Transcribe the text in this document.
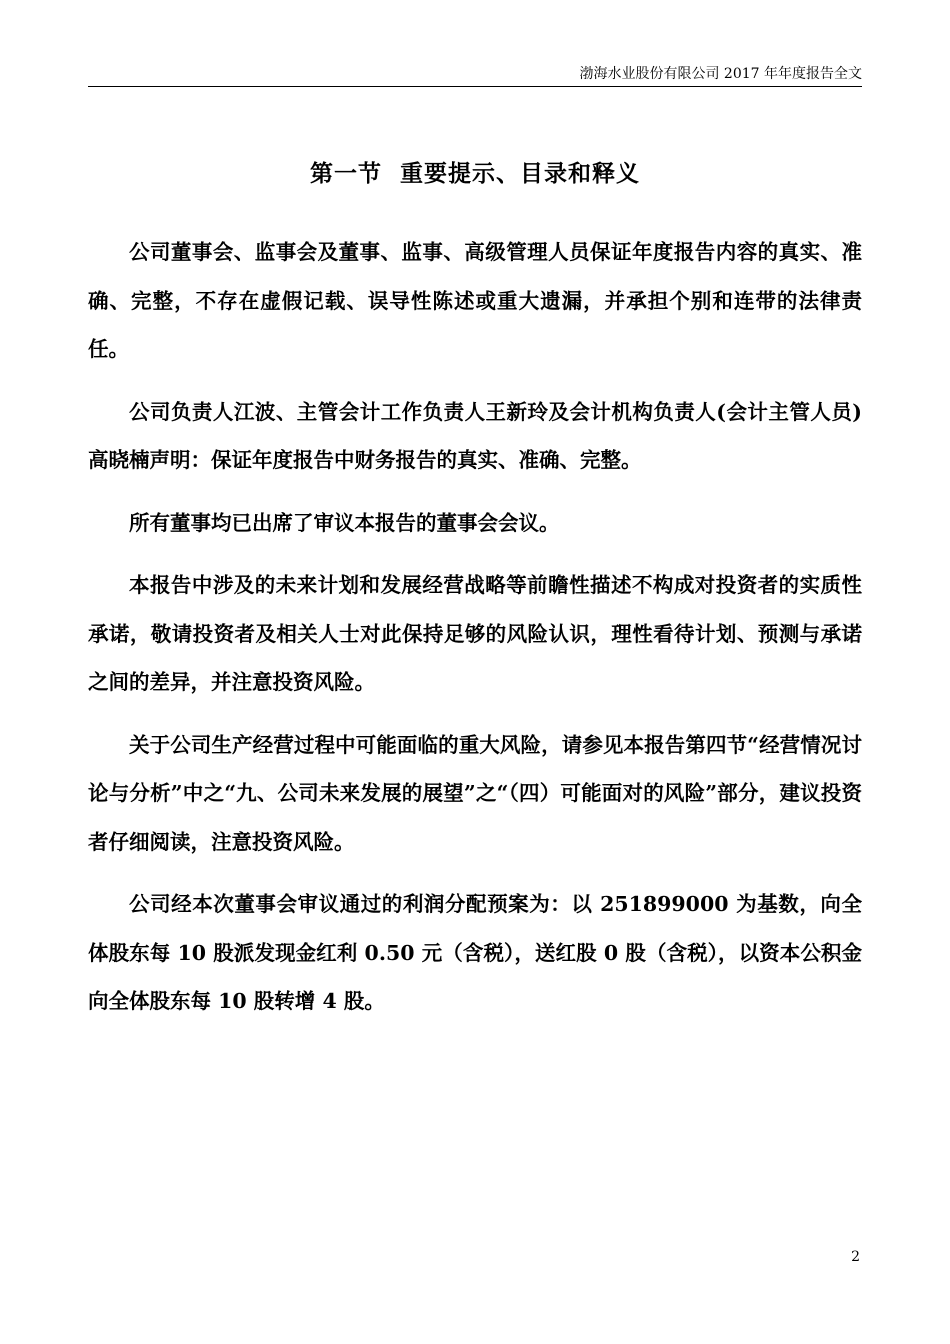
渤海水业股份有限公司 2017 年年度报告全文
第一节  重要提示、目录和释义

公司董事会、监事会及董事、监事、高级管理人员保证年度报告内容的真实、准确、完整，不存在虚假记载、误导性陈述或重大遗漏，并承担个别和连带的法律责任。

公司负责人江波、主管会计工作负责人王新玲及会计机构负责人(会计主管人员)高晓楠声明：保证年度报告中财务报告的真实、准确、完整。

所有董事均已出席了审议本报告的董事会会议。

本报告中涉及的未来计划和发展经营战略等前瞻性描述不构成对投资者的实质性承诺，敬请投资者及相关人士对此保持足够的风险认识，理性看待计划、预测与承诺之间的差异，并注意投资风险。

关于公司生产经营过程中可能面临的重大风险，请参见本报告第四节“经营情况讨论与分析”中之“九、公司未来发展的展望”之“（四）可能面对的风险”部分，建议投资者仔细阅读，注意投资风险。

公司经本次董事会审议通过的利润分配预案为：以 251899000 为基数，向全体股东每 10 股派发现金红利 0.50 元（含税），送红股 0 股（含税），以资本公积金向全体股东每 10 股转增 4 股。

2
